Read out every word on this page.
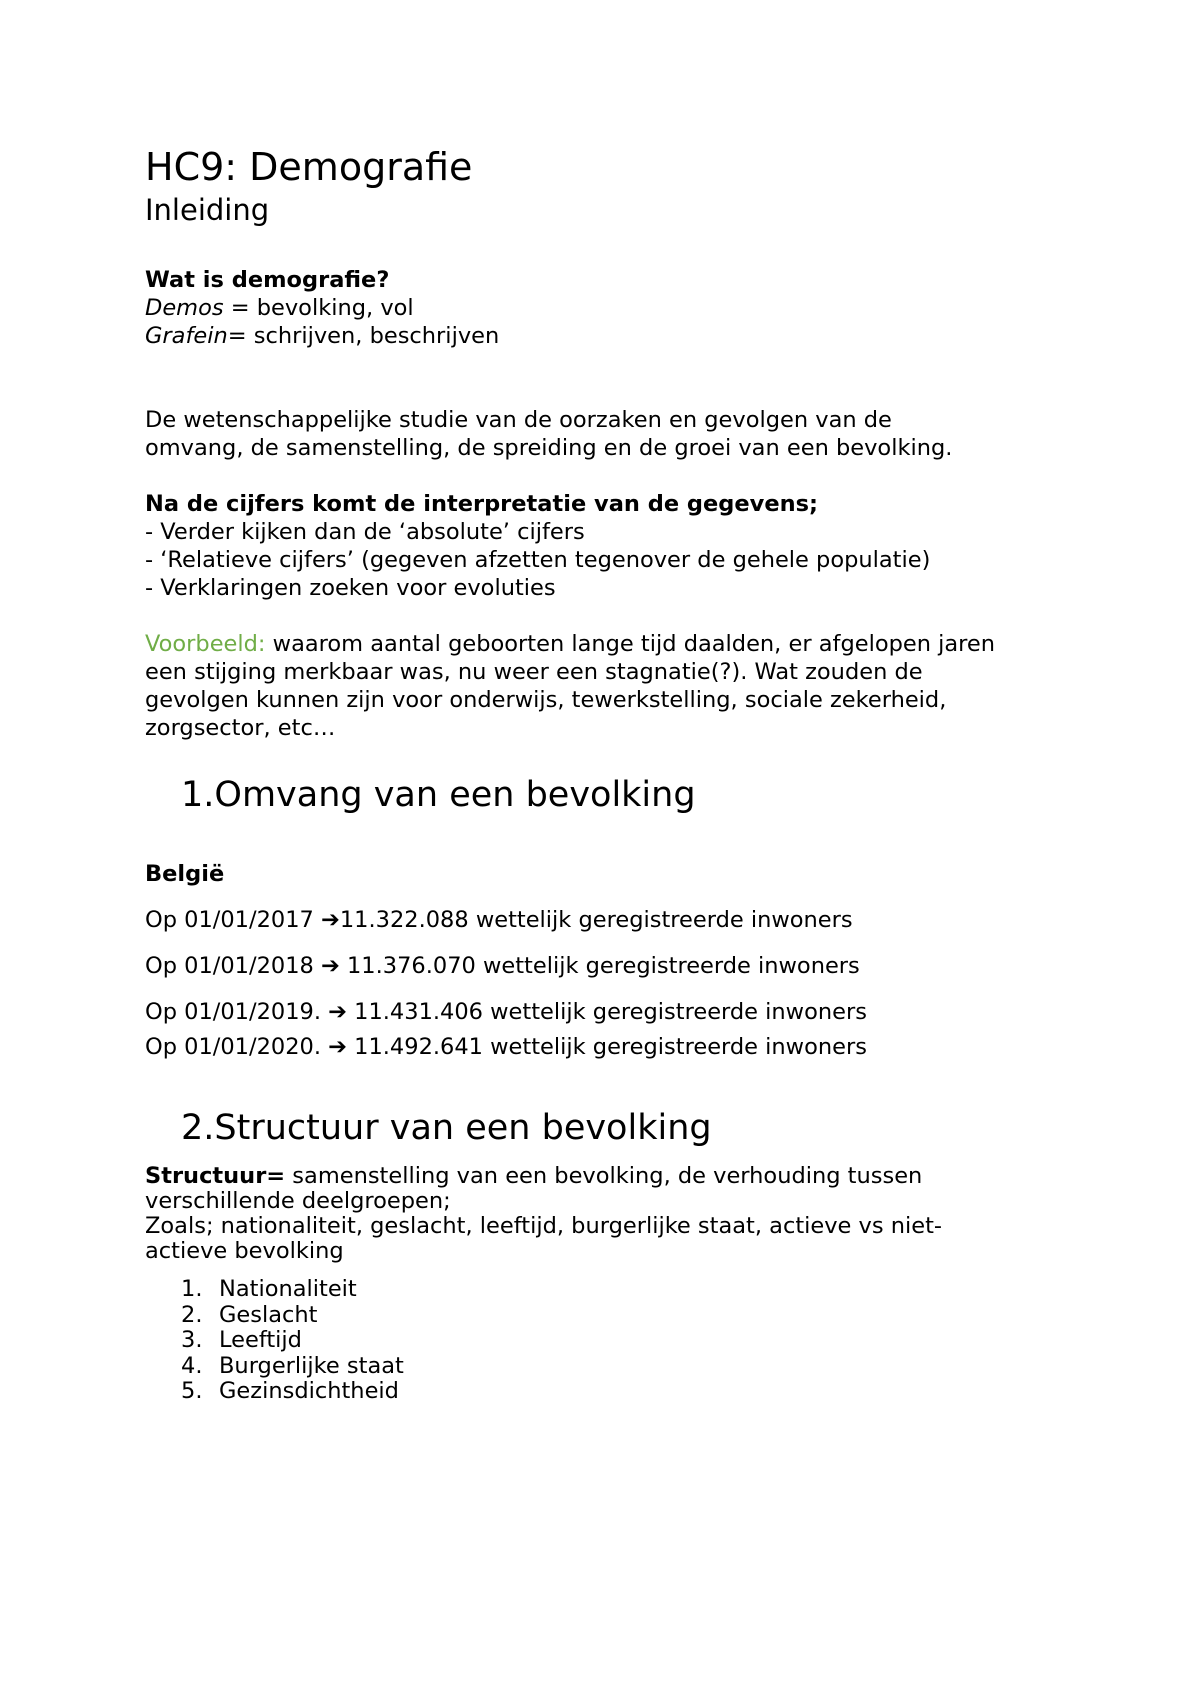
HC9: Demografie
Inleiding
Wat is demografie?
Demos = bevolking, vol
Grafein= schrijven, beschrijven
De wetenschappelijke studie van de oorzaken en gevolgen van de
omvang, de samenstelling, de spreiding en de groei van een bevolking.
Na de cijfers komt de interpretatie van de gegevens;
- Verder kijken dan de ‘absolute’ cijfers
- ‘Relatieve cijfers’ (gegeven afzetten tegenover de gehele populatie)
- Verklaringen zoeken voor evoluties
Voorbeeld: waarom aantal geboorten lange tijd daalden, er afgelopen jaren
een stijging merkbaar was, nu weer een stagnatie(?). Wat zouden de
gevolgen kunnen zijn voor onderwijs, tewerkstelling, sociale zekerheid,
zorgsector, etc…
1.Omvang van een bevolking
België
Op 01/01/2017 ➔11.322.088 wettelijk geregistreerde inwoners
Op 01/01/2018 ➔ 11.376.070 wettelijk geregistreerde inwoners
Op 01/01/2019. ➔ 11.431.406 wettelijk geregistreerde inwoners
Op 01/01/2020. ➔ 11.492.641 wettelijk geregistreerde inwoners
2.Structuur van een bevolking
Structuur= samenstelling van een bevolking, de verhouding tussen
verschillende deelgroepen;
Zoals; nationaliteit, geslacht, leeftijd, burgerlijke staat, actieve vs niet-
actieve bevolking
1. Nationaliteit
2. Geslacht
3. Leeftijd
4. Burgerlijke staat
5. Gezinsdichtheid
